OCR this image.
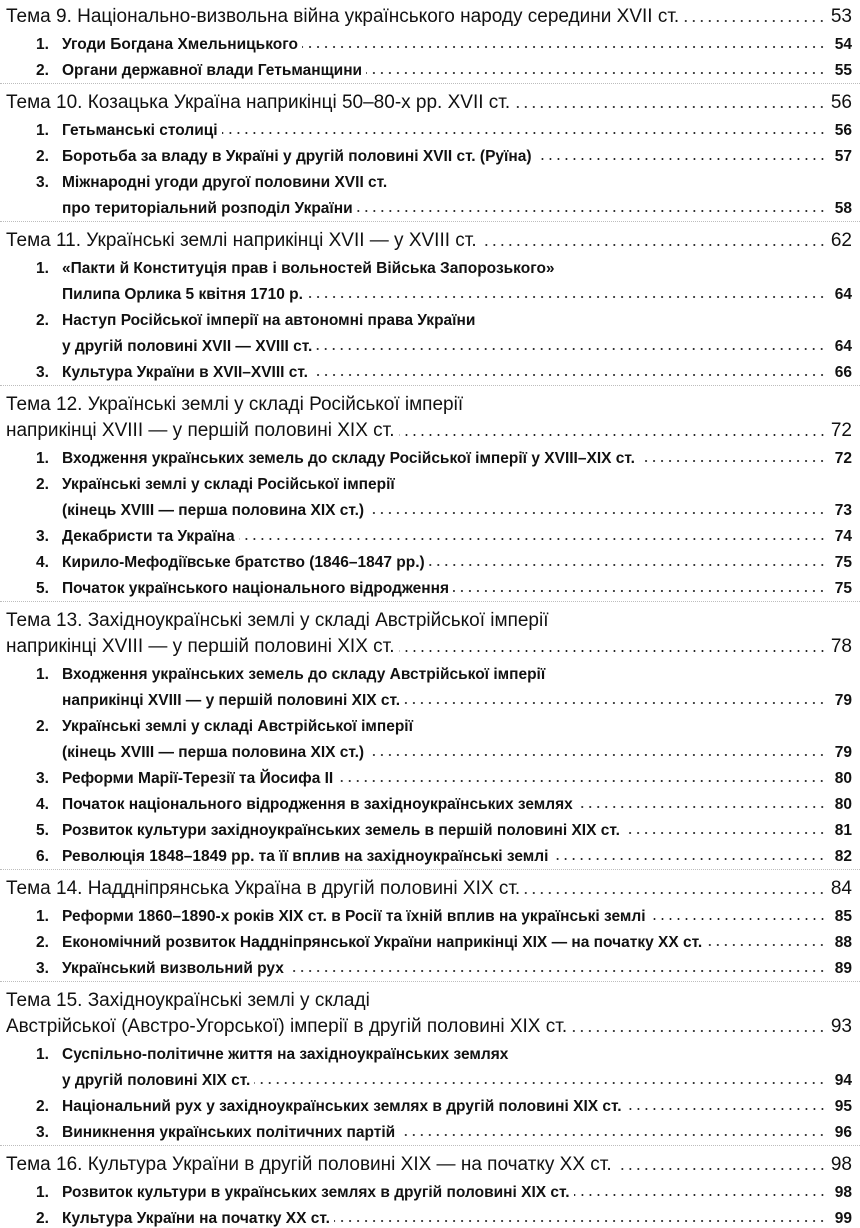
Тема 9. Національно-визвольна війна українського народу середини XVII ст.	53
1. Угоди Богдана Хмельницького	54
2. Органи державної влади Гетьманщини	55
Тема 10. Козацька Україна наприкінці 50–80-х рр. XVII ст.	56
1. Гетьманські столиці	56
2. Боротьба за владу в Україні у другій половині XVII ст. (Руїна)	57
3. Міжнародні угоди другої половини XVII ст.
про територіальний розподіл України	58
Тема 11. Українські землі наприкінці XVII — у XVIII ст.	62
1. «Пакти й Конституція прав і вольностей Війська Запорозького»
Пилипа Орлика 5 квітня 1710 р.	64
2. Наступ Російської імперії на автономні права України
у другій половині XVII — XVIII ст.	64
3. Культура України в XVII–XVIII ст.	66
Тема 12. Українські землі у складі Російської імперії
наприкінці XVIII — у першій половині XIX ст.	72
1. Входження українських земель до складу Російської імперії у XVIII–XIX ст.	72
2. Українські землі у складі Російської імперії
(кінець XVIII — перша половина XIX ст.)	73
3. Декабристи та Україна	74
4. Кирило-Мефодіївське братство (1846–1847 рр.)	75
5. Початок українського національного відродження	75
Тема 13. Західноукраїнські землі у складі Австрійської імперії
наприкінці XVIII — у першій половині XIX ст.	78
1. Входження українських земель до складу Австрійської імперії
наприкінці XVIII — у першій половині XIX ст.	79
2. Українські землі у складі Австрійської імперії
(кінець XVIII — перша половина XIX ст.)	79
3. Реформи Марії-Терезії та Йосифа II	80
4. Початок національного відродження в західноукраїнських землях	80
5. Розвиток культури західноукраїнських земель в першій половині XIX ст.	81
6. Революція 1848–1849 рр. та її вплив на західноукраїнські землі	82
Тема 14. Наддніпрянська Україна в другій половині XIX ст.	84
1. Реформи 1860–1890-х років XIX ст. в Росії та їхній вплив на українські землі	85
2. Економічний розвиток Наддніпрянської України наприкінці XIX — на початку XX ст.	88
3. Український визвольний рух	89
Тема 15. Західноукраїнські землі у складі
Австрійської (Австро-Угорської) імперії в другій половині XIX ст.	93
1. Суспільно-політичне життя на західноукраїнських землях
у другій половині XIX ст.	94
2. Національний рух у західноукраїнських землях в другій половині XIX ст.	95
3. Виникнення українських політичних партій	96
Тема 16. Культура України в другій половині XIX — на початку XX ст.	98
1. Розвиток культури в українських землях в другій половині XIX ст.	98
2. Культура України на початку XX ст.	99
